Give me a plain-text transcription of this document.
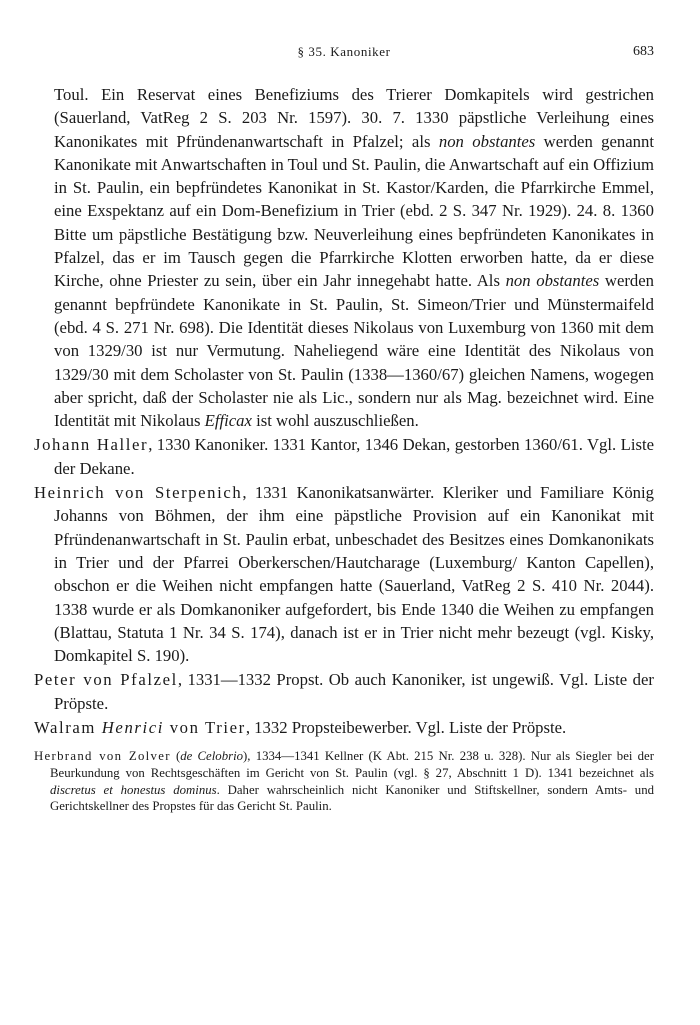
§ 35. Kanoniker	683

Toul. Ein Reservat eines Benefiziums des Trierer Domkapitels wird gestrichen (Sauerland, VatReg 2 S. 203 Nr. 1597). 30. 7. 1330 päpstliche Verleihung eines Kanonikates mit Pfründenanwartschaft in Pfalzel; als non obstantes werden genannt Kanonikate mit Anwartschaften in Toul und St. Paulin, die Anwartschaft auf ein Offizium in St. Paulin, ein bepfründetes Kanonikat in St. Kastor/Karden, die Pfarrkirche Emmel, eine Exspektanz auf ein Dom-Benefizium in Trier (ebd. 2 S. 347 Nr. 1929). 24. 8. 1360 Bitte um päpstliche Bestätigung bzw. Neuverleihung eines bepfründeten Kanonikates in Pfalzel, das er im Tausch gegen die Pfarrkirche Klotten erworben hatte, da er diese Kirche, ohne Priester zu sein, über ein Jahr innegehabt hatte. Als non obstantes werden genannt bepfründete Kanonikate in St. Paulin, St. Simeon/Trier und Münstermaifeld (ebd. 4 S. 271 Nr. 698). Die Identität dieses Nikolaus von Luxemburg von 1360 mit dem von 1329/30 ist nur Vermutung. Naheliegend wäre eine Identität des Nikolaus von 1329/30 mit dem Scholaster von St. Paulin (1338—1360/67) gleichen Namens, wogegen aber spricht, daß der Scholaster nie als Lic., sondern nur als Mag. bezeichnet wird. Eine Identität mit Nikolaus Efficax ist wohl auszuschließen.

Johann Haller, 1330 Kanoniker. 1331 Kantor, 1346 Dekan, gestorben 1360/61. Vgl. Liste der Dekane.

Heinrich von Sterpenich, 1331 Kanonikatsanwärter. Kleriker und Familiare König Johanns von Böhmen, der ihm eine päpstliche Provision auf ein Kanonikat mit Pfründenanwartschaft in St. Paulin erbat, unbeschadet des Besitzes eines Domkanonikats in Trier und der Pfarrei Oberkerschen/Hautcharage (Luxemburg/ Kanton Capellen), obschon er die Weihen nicht empfangen hatte (Sauerland, VatReg 2 S. 410 Nr. 2044). 1338 wurde er als Domkanoniker aufgefordert, bis Ende 1340 die Weihen zu empfangen (Blattau, Statuta 1 Nr. 34 S. 174), danach ist er in Trier nicht mehr bezeugt (vgl. Kisky, Domkapitel S. 190).

Peter von Pfalzel, 1331—1332 Propst. Ob auch Kanoniker, ist ungewiß. Vgl. Liste der Pröpste.

Walram Henrici von Trier, 1332 Propsteibewerber. Vgl. Liste der Pröpste.

Herbrand von Zolver (de Celobrio), 1334—1341 Kellner (K Abt. 215 Nr. 238 u. 328). Nur als Siegler bei der Beurkundung von Rechtsgeschäften im Gericht von St. Paulin (vgl. § 27, Abschnitt 1 D). 1341 bezeichnet als discretus et honestus dominus. Daher wahrscheinlich nicht Kanoniker und Stiftskellner, sondern Amts- und Gerichtskellner des Propstes für das Gericht St. Paulin.
